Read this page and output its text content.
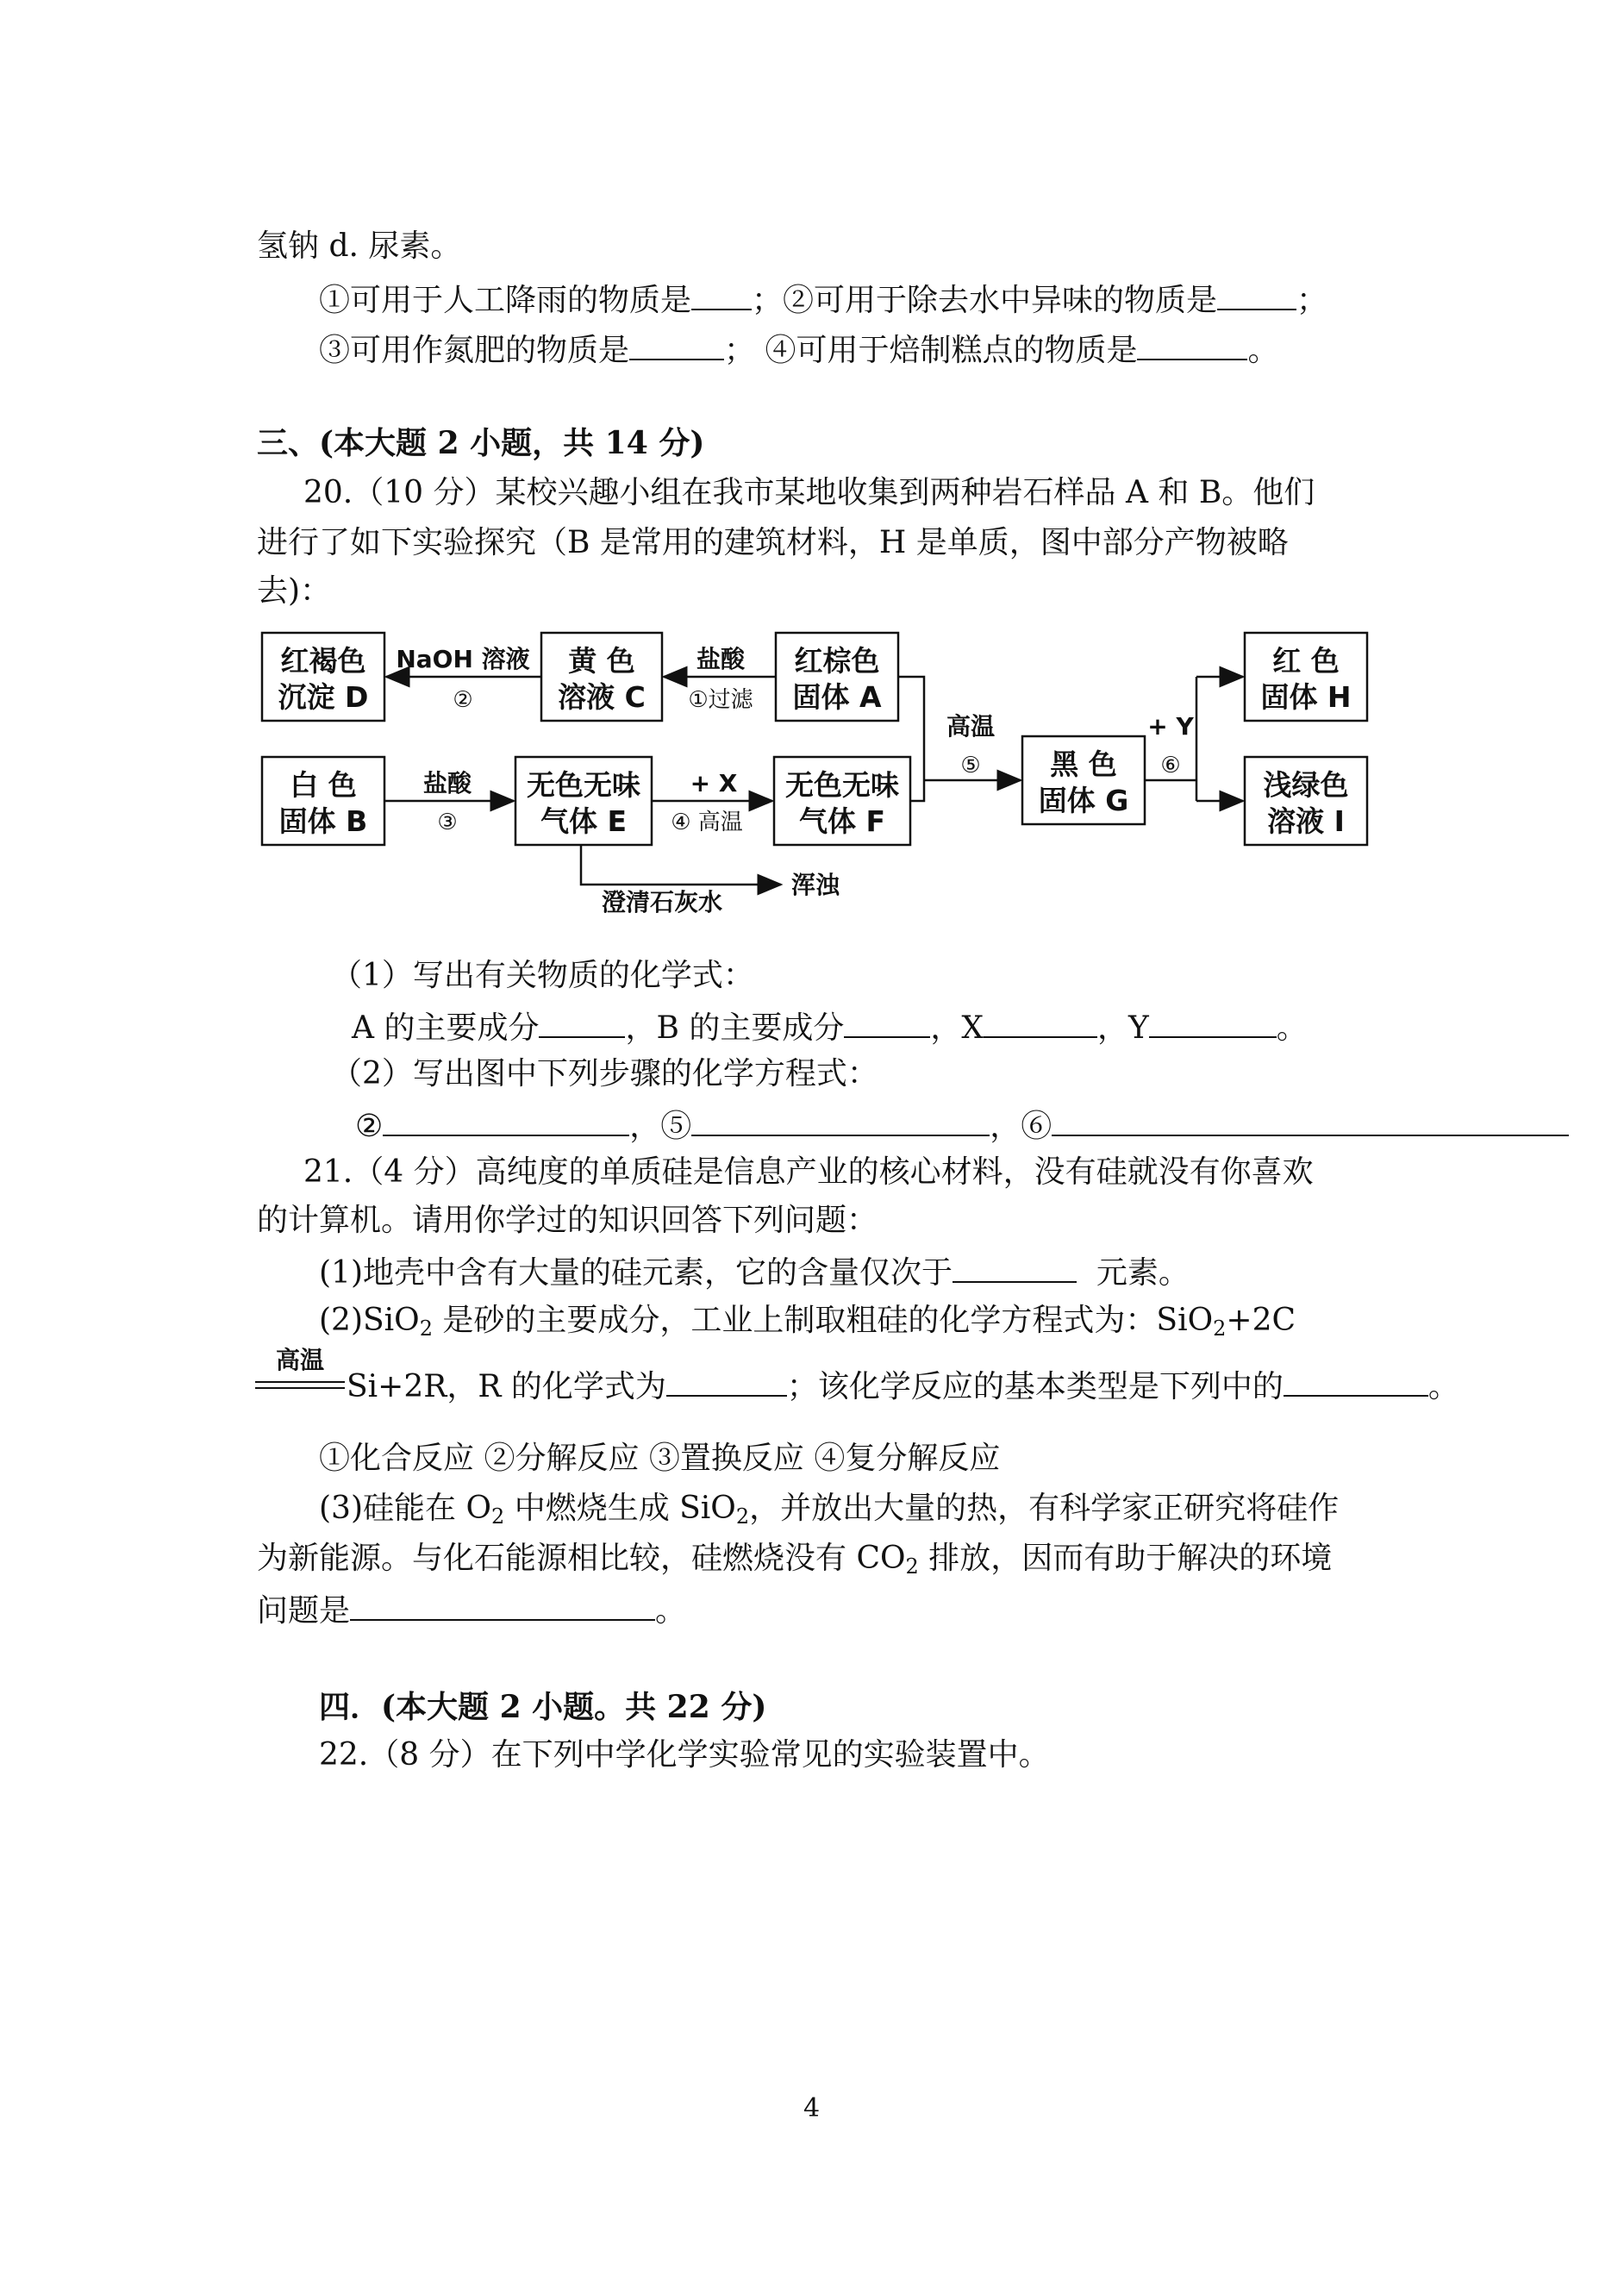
氢钠 d. 尿素。
①可用于人工降雨的物质是 ；②可用于除去水中异味的物质是	；
③可用作氮肥的物质是	； ④可用于焙制糕点的物质是	。
三、(本大题 2 小题，共 14 分)
20.（10 分）某校兴趣小组在我市某地收集到两种岩石样品 A 和 B。他们
进行了如下实验探究（B 是常用的建筑材料，H 是单质，图中部分产物被略
去)：
红褐色
沉淀 D
黄 色
溶液 C
红棕色
固体 A
黑 色
固体 G
红 色
固体 H
浅绿色
溶液 I
白 色
固体 B
无色无味
气体 E
无色无味
气体 F
NaOH 溶液
②
盐酸
①过滤
高温
⑤
+ Y
⑥
盐酸
③
+ X
④ 高温
澄清石灰水
浑浊
（1）写出有关物质的化学式：
A 的主要成分	，B 的主要成分	，X	，Y	。
（2）写出图中下列步骤的化学方程式：
②	，⑤	，⑥
21.（4 分）高纯度的单质硅是信息产业的核心材料，没有硅就没有你喜欢
的计算机。请用你学过的知识回答下列问题：
(1)地壳中含有大量的硅元素，它的含量仅次于	元素。
(2)SiO$_2$ 是砂的主要成分，工业上制取粗硅的化学方程式为：SiO$_2$+2C
高温
Si+2R，R 的化学式为	；该化学反应的基本类型是下列中的	。
①化合反应 ②分解反应 ③置换反应 ④复分解反应
(3)硅能在 $O_2$ 中燃烧生成 SiO$_2$，并放出大量的热，有科学家正研究将硅作
为新能源。与化石能源相比较，硅燃烧没有 $CO_2$ 排放，因而有助于解决的环境
问题是	。
四．(本大题 2 小题。共 22 分)
22.（8 分）在下列中学化学实验常见的实验装置中。
4
